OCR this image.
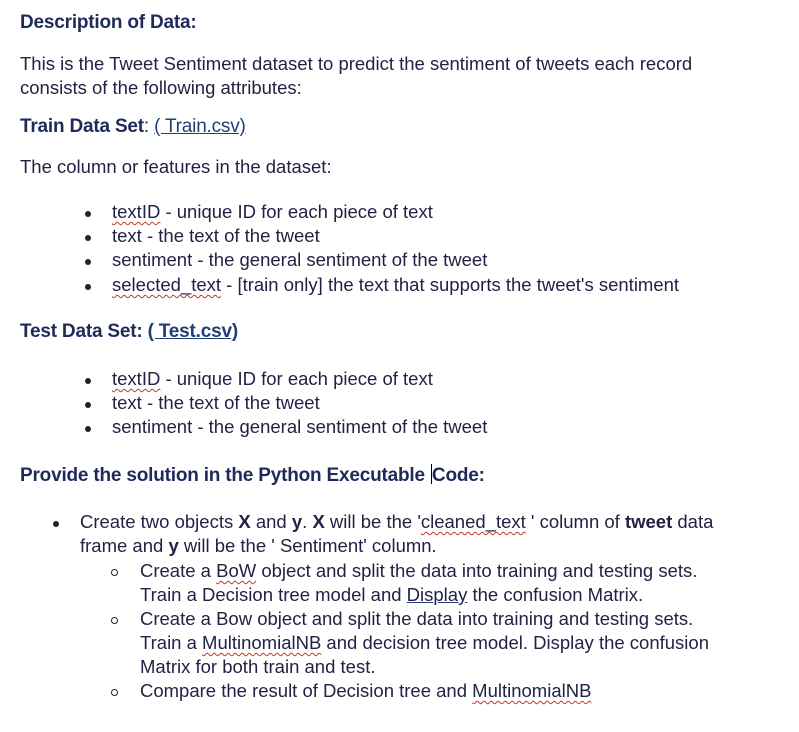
Description of Data:
This is the Tweet Sentiment dataset to predict the sentiment of tweets each record
consists of the following attributes:
Train Data Set: ( Train.csv)
The column or features in the dataset:
textID - unique ID for each piece of text
text - the text of the tweet
sentiment - the general sentiment of the tweet
selected_text - [train only] the text that supports the tweet's sentiment
Test Data Set: ( Test.csv)
textID - unique ID for each piece of text
text - the text of the tweet
sentiment - the general sentiment of the tweet
Provide the solution in the Python Executable Code:
Create two objects X and y. X will be the 'cleaned_text ' column of tweet data
frame and y will be the ' Sentiment' column.
Create a BoW object and split the data into training and testing sets.
Train a Decision tree model and Display the confusion Matrix.
Create a Bow object and split the data into training and testing sets.
Train a MultinomialNB and decision tree model. Display the confusion
Matrix for both train and test.
Compare the result of Decision tree and MultinomialNB
